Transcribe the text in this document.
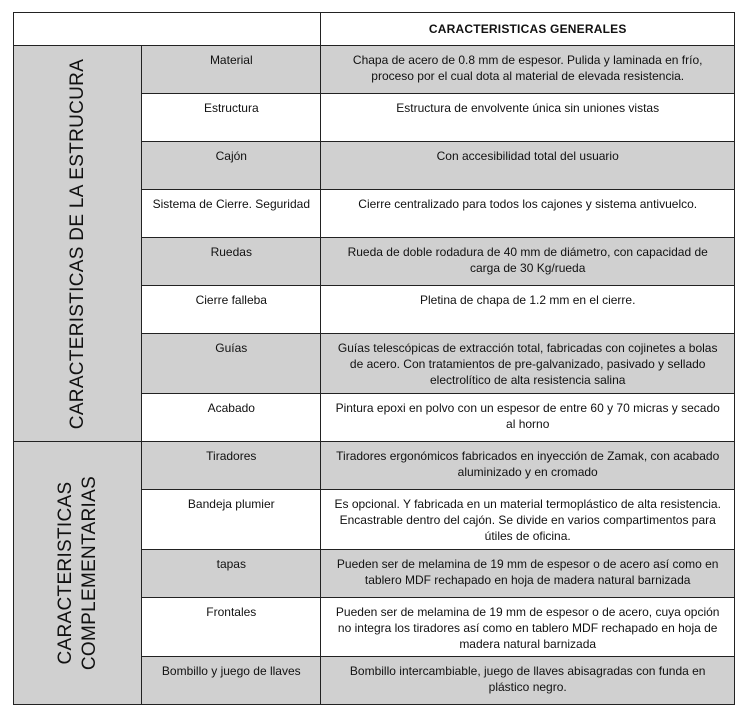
		CARACTERISTICAS GENERALES

CARACTERISTICAS DE LA ESTRUCURA	Material	Chapa de acero de 0.8 mm de espesor. Pulida y laminada en frío, proceso por el cual dota al material de elevada resistencia.
	Estructura	Estructura de envolvente única sin uniones vistas
	Cajón	Con accesibilidad total del usuario
	Sistema de Cierre. Seguridad	Cierre centralizado para todos los cajones y sistema antivuelco.
	Ruedas	Rueda de doble rodadura de 40 mm de diámetro, con capacidad de carga de 30 Kg/rueda
	Cierre falleba	Pletina de chapa de 1.2 mm en el cierre.
	Guías	Guías telescópicas de extracción total, fabricadas con cojinetes a bolas de acero. Con tratamientos de pre-galvanizado, pasivado y sellado electrolítico de alta resistencia salina
	Acabado	Pintura epoxi en polvo con un espesor de entre 60 y 70 micras y secado al horno

CARACTERISTICAS COMPLEMENTARIAS	Tiradores	Tiradores ergonómicos fabricados en inyección de Zamak, con acabado aluminizado y en cromado
	Bandeja plumier	Es opcional. Y fabricada en un material termoplástico de alta resistencia. Encastrable dentro del cajón. Se divide en varios compartimentos para útiles de oficina.
	tapas	Pueden ser de melamina de 19 mm de espesor o de acero así como en tablero MDF rechapado en hoja de madera natural barnizada
	Frontales	Pueden ser de melamina de 19 mm de espesor o de acero, cuya opción no integra los tiradores así como en tablero MDF rechapado en hoja de madera natural barnizada
	Bombillo y juego de llaves	Bombillo intercambiable, juego de llaves abisagradas con funda en plástico negro.
